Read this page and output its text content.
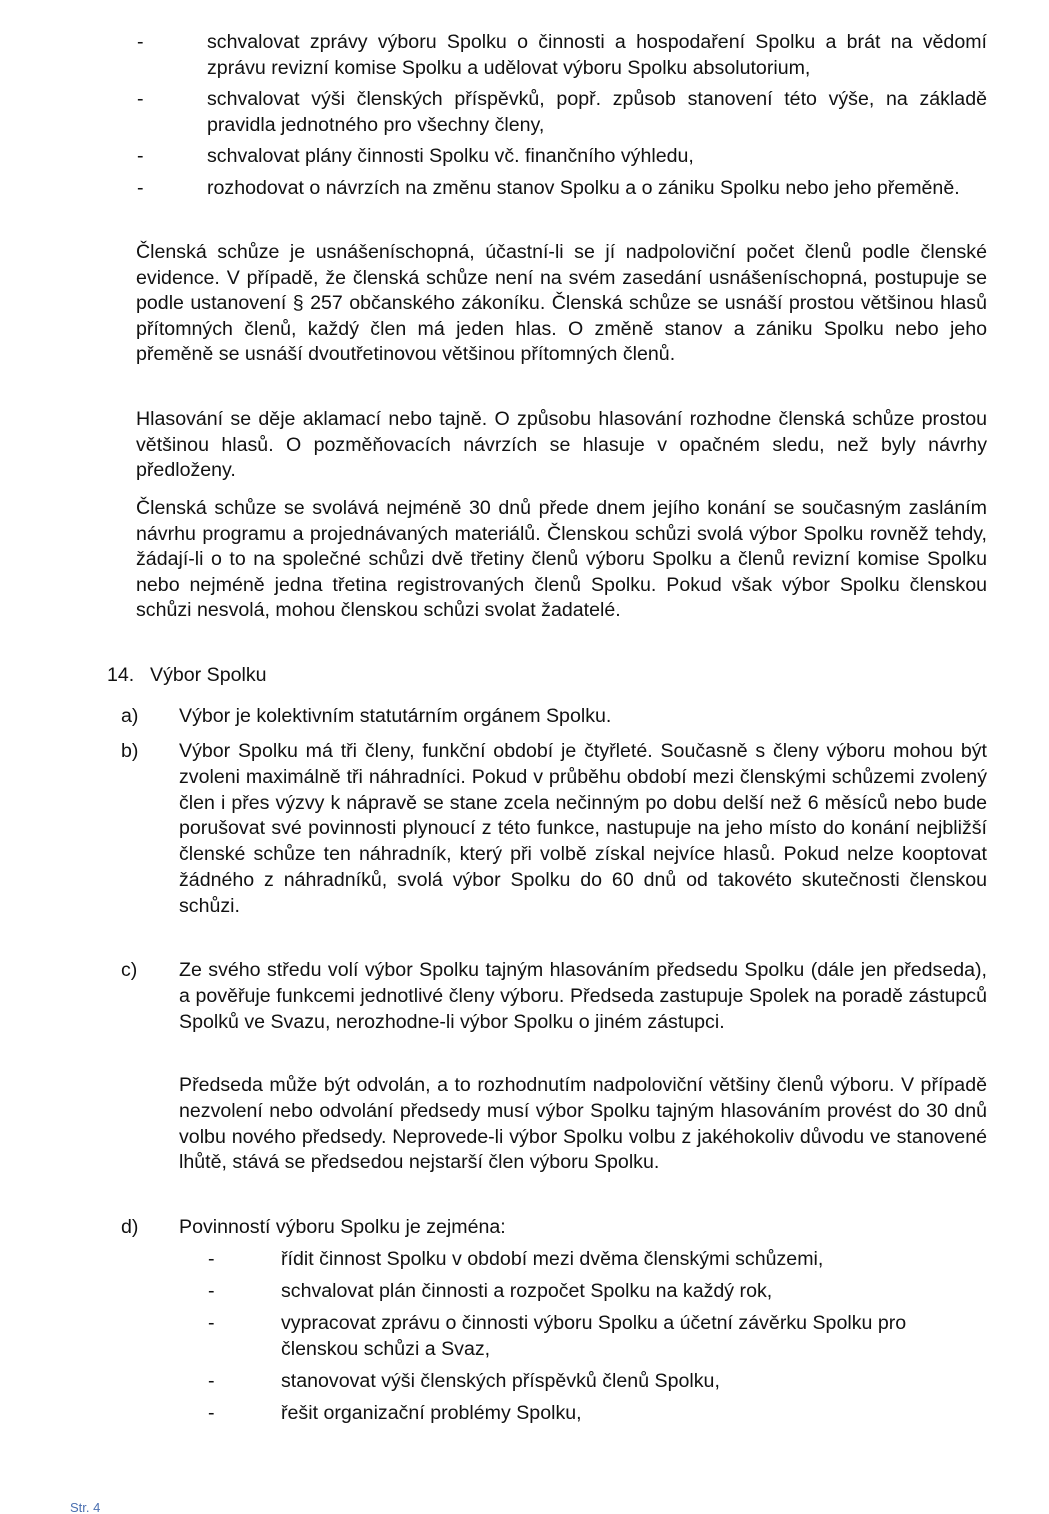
-	schvalovat zprávy výboru Spolku o činnosti a hospodaření Spolku a brát na vědomí zprávu revizní komise Spolku a udělovat výboru Spolku absolutorium,
-	schvalovat výši členských příspěvků, popř. způsob stanovení této výše, na základě pravidla jednotného pro všechny členy,
-	schvalovat plány činnosti Spolku vč. finančního výhledu,
-	rozhodovat o návrzích na změnu stanov Spolku a o zániku Spolku nebo jeho přeměně.

Členská schůze je usnášeníschopná, účastní-li se jí nadpoloviční počet členů podle členské evidence. V případě, že členská schůze není na svém zasedání usnášeníschopná, postupuje se podle ustanovení § 257 občanského zákoníku. Členská schůze se usnáší prostou většinou hlasů přítomných členů, každý člen má jeden hlas. O změně stanov a zániku Spolku nebo jeho přeměně se usnáší dvoutřetinovou většinou přítomných členů.

Hlasování se děje aklamací nebo tajně. O způsobu hlasování rozhodne členská schůze prostou většinou hlasů. O pozměňovacích návrzích se hlasuje v opačném sledu, než byly návrhy předloženy.

Členská schůze se svolává nejméně 30 dnů přede dnem jejího konání se současným zasláním návrhu programu a projednávaných materiálů. Členskou schůzi svolá výbor Spolku rovněž tehdy, žádají-li o to na společné schůzi dvě třetiny členů výboru Spolku a členů revizní komise Spolku nebo nejméně jedna třetina registrovaných členů Spolku. Pokud však výbor Spolku členskou schůzi nesvolá, mohou členskou schůzi svolat žadatelé.

14. Výbor Spolku
a) Výbor je kolektivním statutárním orgánem Spolku.

b) Výbor Spolku má tři členy, funkční období je čtyřleté. Současně s členy výboru mohou být zvoleni maximálně tři náhradníci. Pokud v průběhu období mezi členskými schůzemi zvolený člen i přes výzvy k nápravě se stane zcela nečinným po dobu delší než 6 měsíců nebo bude porušovat své povinnosti plynoucí z této funkce, nastupuje na jeho místo do konání nejbližší členské schůze ten náhradník, který při volbě získal nejvíce hlasů. Pokud nelze kooptovat žádného z náhradníků, svolá výbor Spolku do 60 dnů od takovéto skutečnosti členskou schůzi.

c) Ze svého středu volí výbor Spolku tajným hlasováním předsedu Spolku (dále jen předseda), a pověřuje funkcemi jednotlivé členy výboru. Předseda zastupuje Spolek na poradě zástupců Spolků ve Svazu, nerozhodne-li výbor Spolku o jiném zástupci.

Předseda může být odvolán, a to rozhodnutím nadpoloviční většiny členů výboru. V případě nezvolení nebo odvolání předsedy musí výbor Spolku tajným hlasováním provést do 30 dnů volbu nového předsedy. Neprovede-li výbor Spolku volbu z jakéhokoliv důvodu ve stanovené lhůtě, stává se předsedou nejstarší člen výboru Spolku.

d) Povinností výboru Spolku je zejména:

-	řídit činnost Spolku v období mezi dvěma členskými schůzemi,
-	schvalovat plán činnosti a rozpočet Spolku na každý rok,
-	vypracovat zprávu o činnosti výboru Spolku a účetní závěrku Spolku pro členskou schůzi a Svaz,
-	stanovovat výši členských příspěvků členů Spolku,
-	řešit organizační problémy Spolku,
Str. 4
